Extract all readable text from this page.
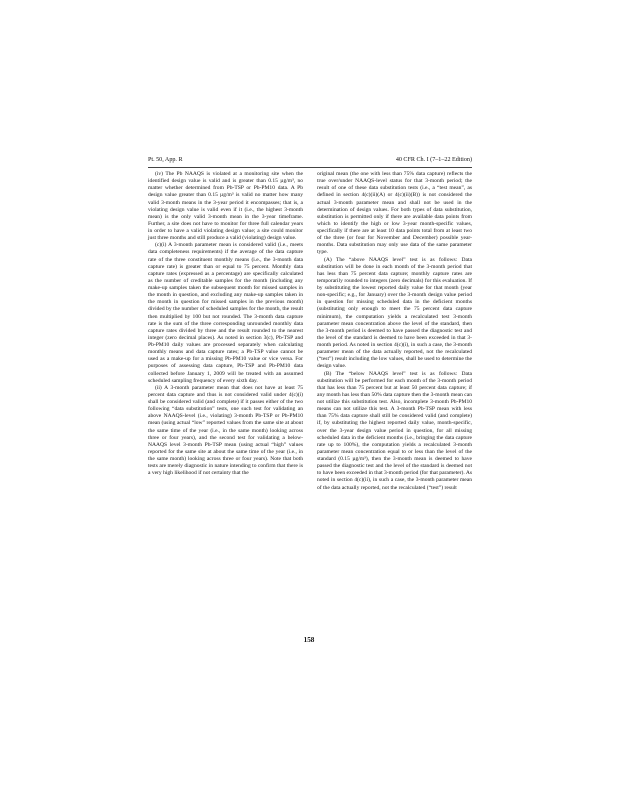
Pt. 50, App. R	40 CFR Ch. I (7–1–22 Edition)

(iv) The Pb NAAQS is violated at a monitoring site when the identified design value is valid and is greater than 0.15 µg/m³, no matter whether determined from Pb-TSP or Pb-PM10 data. A Pb design value greater than 0.15 µg/m³ is valid no matter how many valid 3-month means in the 3-year period it encompasses; that is, a violating design value is valid even if it (i.e., the highest 3-month mean) is the only valid 3-month mean in the 3-year timeframe. Further, a site does not have to monitor for three full calendar years in order to have a valid violating design value; a site could monitor just three months and still produce a valid (violating) design value.

(c)(i) A 3-month parameter mean is considered valid (i.e., meets data completeness requirements) if the average of the data capture rate of the three constituent monthly means (i.e., the 3-month data capture rate) is greater than or equal to 75 percent. Monthly data capture rates (expressed as a percentage) are specifically calculated as the number of creditable samples for the month (including any make-up samples taken the subsequent month for missed samples in the month in question, and excluding any make-up samples taken in the month in question for missed samples in the previous month) divided by the number of scheduled samples for the month, the result then multiplied by 100 but not rounded. The 3-month data capture rate is the sum of the three corresponding unrounded monthly data capture rates divided by three and the result rounded to the nearest integer (zero decimal places). As noted in section 3(c), Pb-TSP and Pb-PM10 daily values are processed separately when calculating monthly means and data capture rates; a Pb-TSP value cannot be used as a make-up for a missing Pb-PM10 value or vice versa. For purposes of assessing data capture, Pb-TSP and Pb-PM10 data collected before January 1, 2009 will be treated with an assumed scheduled sampling frequency of every sixth day.

(ii) A 3-month parameter mean that does not have at least 75 percent data capture and thus is not considered valid under 4(c)(i) shall be considered valid (and complete) if it passes either of the two following “data substitution” tests, one such test for validating an above NAAQS-level (i.e., violating) 3-month Pb-TSP or Pb-PM10 mean (using actual “low” reported values from the same site at about the same time of the year (i.e., in the same month) looking across three or four years), and the second test for validating a below-NAAQS level 3-month Pb-TSP mean (using actual “high” values reported for the same site at about the same time of the year (i.e., in the same month) looking across three or four years). Note that both tests are merely diagnostic in nature intending to confirm that there is a very high likelihood if not certainty that the

original mean (the one with less than 75% data capture) reflects the true over/under NAAQS-level status for that 3-month period; the result of one of these data substitution tests (i.e., a “test mean”, as defined in section 4(c)(ii)(A) or 4(c)(ii)(B)) is not considered the actual 3-month parameter mean and shall not be used in the determination of design values. For both types of data substitution, substitution is permitted only if there are available data points from which to identify the high or low 3-year month-specific values, specifically if there are at least 10 data points total from at least two of the three (or four for November and December) possible year-months. Data substitution may only use data of the same parameter type.

(A) The “above NAAQS level” test is as follows: Data substitution will be done in each month of the 3-month period that has less than 75 percent data capture; monthly capture rates are temporarily rounded to integers (zero decimals) for this evaluation. If by substituting the lowest reported daily value for that month (year non-specific; e.g., for January) over the 3-month design value period in question for missing scheduled data in the deficient months (substituting only enough to meet the 75 percent data capture minimum), the computation yields a recalculated test 3-month parameter mean concentration above the level of the standard, then the 3-month period is deemed to have passed the diagnostic test and the level of the standard is deemed to have been exceeded in that 3-month period. As noted in section 4(c)(i), in such a case, the 3-month parameter mean of the data actually reported, not the recalculated (“test”) result including the low values, shall be used to determine the design value.

(B) The “below NAAQS level” test is as follows: Data substitution will be performed for each month of the 3-month period that has less than 75 percent but at least 50 percent data capture; if any month has less than 50% data capture then the 3-month mean can not utilize this substitution test. Also, incomplete 3-month Pb-PM10 means can not utilize this test. A 3-month Pb-TSP mean with less than 75% data capture shall still be considered valid (and complete) if, by substituting the highest reported daily value, month-specific, over the 3-year design value period in question, for all missing scheduled data in the deficient months (i.e., bringing the data capture rate up to 100%), the computation yields a recalculated 3-month parameter mean concentration equal to or less than the level of the standard (0.15 µg/m³), then the 3-month mean is deemed to have passed the diagnostic test and the level of the standard is deemed not to have been exceeded in that 3-month period (for that parameter). As noted in section 4(c)(ii), in such a case, the 3-month parameter mean of the data actually reported, not the recalculated (“test”) result

158
